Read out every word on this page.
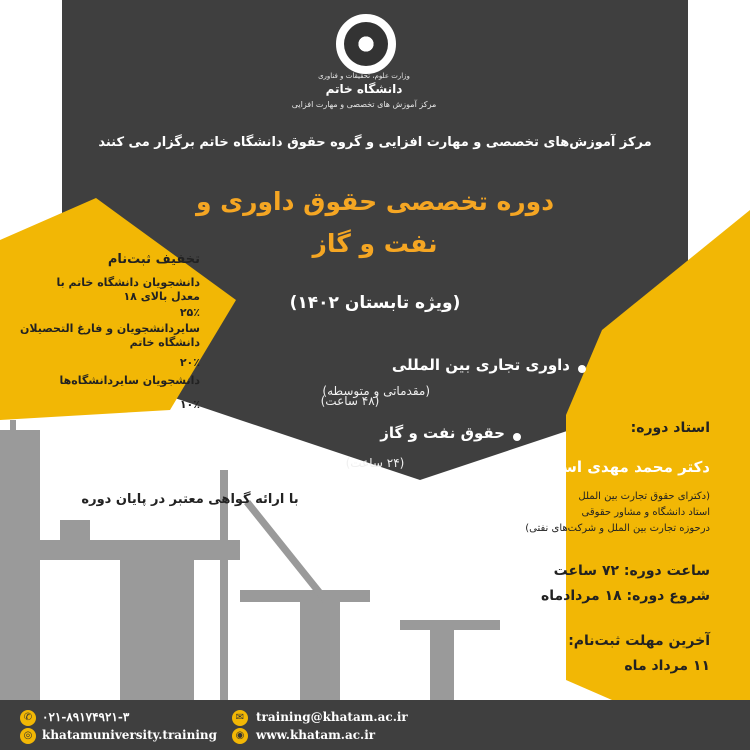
وزارت علوم، تحقیقات و فناوری
دانشگاه خاتم
مرکز آموزش های تخصصی و مهارت افزایی
مرکز آموزش‌های تخصصی و مهارت افزایی و گروه حقوق دانشگاه خاتم برگزار می کنند
دوره تخصصی حقوق داوری و
نفت و گاز
(ویژه تابستان ۱۴۰۲)
داوری تجاری بین المللی
(مقدماتی و متوسطه)
(۴۸ ساعت)
حقوق نفت و گاز
(۲۴ ساعت)
تخفیف ثبت‌نام
دانشجویان دانشگاه خاتم با
معدل بالای ۱۸
۲۵٪
سایردانشجویان و فارغ التحصیلان
دانشگاه خاتم
۲۰٪
دانشجویان سایردانشگاه‌ها
۱۰٪
با ارائه گواهی معتبر در پایان دوره
استاد دوره:
دکتر محمد مهدی اسدی
(دکترای حقوق تجارت بین الملل
استاد دانشگاه و مشاور حقوقی
درحوزه تجارت بین الملل و شرکت‌های نفتی)
ساعت دوره: ۷۲ ساعت
شروع دوره: ۱۸ مردادماه
آخرین مهلت ثبت‌نام:
۱۱ مرداد ماه
✆ ۰۲۱-۸۹۱۷۴۹۲۱-۳
◎ khatamuniversity.training
✉ training@khatam.ac.ir
◉ www.khatam.ac.ir
